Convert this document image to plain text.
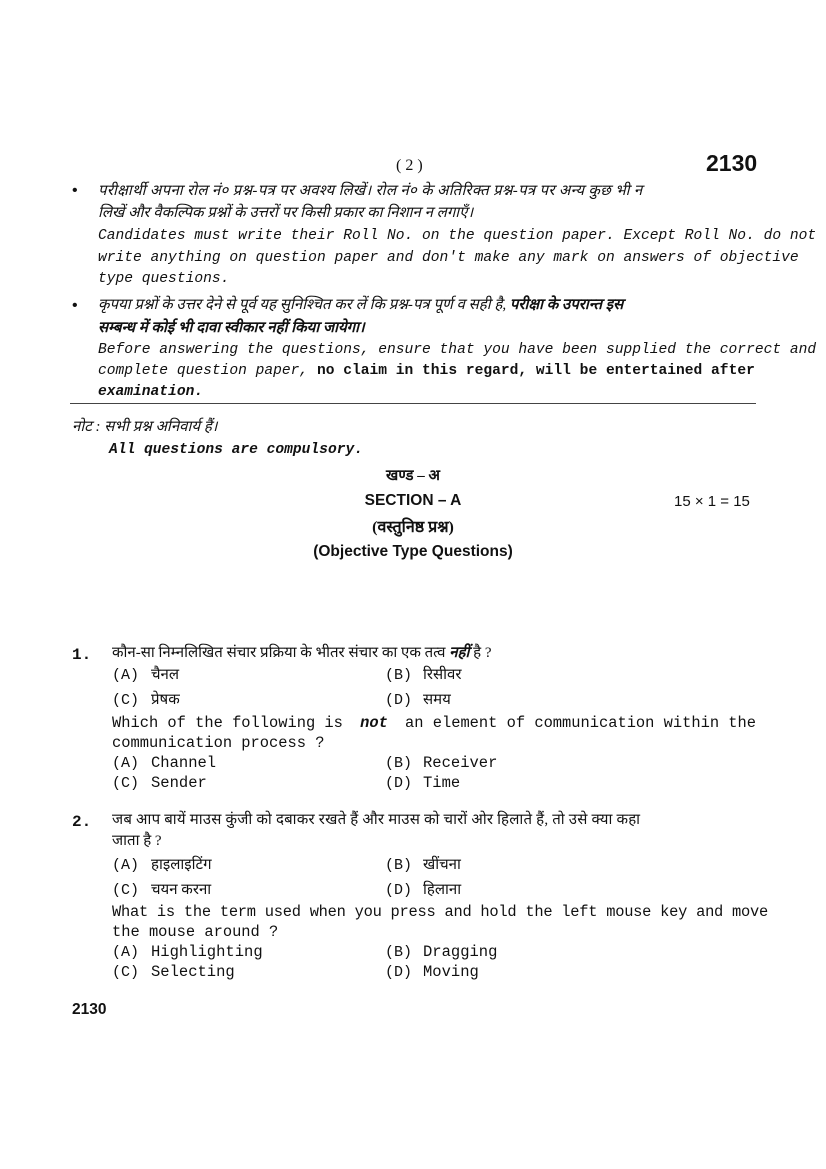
( 2 )	2130
• परीक्षार्थी अपना रोल नं० प्रश्न-पत्र पर अवश्य लिखें। रोल नं० के अतिरिक्त प्रश्न-पत्र पर अन्य कुछ भी न
लिखें और वैकल्पिक प्रश्नों के उत्तरों पर किसी प्रकार का निशान न लगाएँ।
Candidates must write their Roll No. on the question paper. Except Roll No. do not
write anything on question paper and don't make any mark on answers of objective
type questions.
• कृपया प्रश्नों के उत्तर देने से पूर्व यह सुनिश्चित कर लें कि प्रश्न-पत्र पूर्ण व सही है, परीक्षा के उपरान्त इस
सम्बन्ध में कोई भी दावा स्वीकार नहीं किया जायेगा।
Before answering the questions, ensure that you have been supplied the correct and
complete question paper, no claim in this regard, will be entertained after
examination.
नोट : सभी प्रश्न अनिवार्य हैं।
All questions are compulsory.
खण्ड – अ
SECTION – A	15 × 1 = 15
(वस्तुनिष्ठ प्रश्न)
(Objective Type Questions)
1. कौन-सा निम्नलिखित संचार प्रक्रिया के भीतर संचार का एक तत्व नहीं है ?
(A) चैनल	(B) रिसीवर
(C) प्रेषक	(D) समय
Which of the following is not an element of communication within the
communication process ?
(A) Channel	(B) Receiver
(C) Sender	(D) Time
2. जब आप बायें माउस कुंजी को दबाकर रखते हैं और माउस को चारों ओर हिलाते हैं, तो उसे क्या कहा
जाता है ?
(A) हाइलाइटिंग	(B) खींचना
(C) चयन करना	(D) हिलाना
What is the term used when you press and hold the left mouse key and move
the mouse around ?
(A) Highlighting	(B) Dragging
(C) Selecting	(D) Moving
2130
